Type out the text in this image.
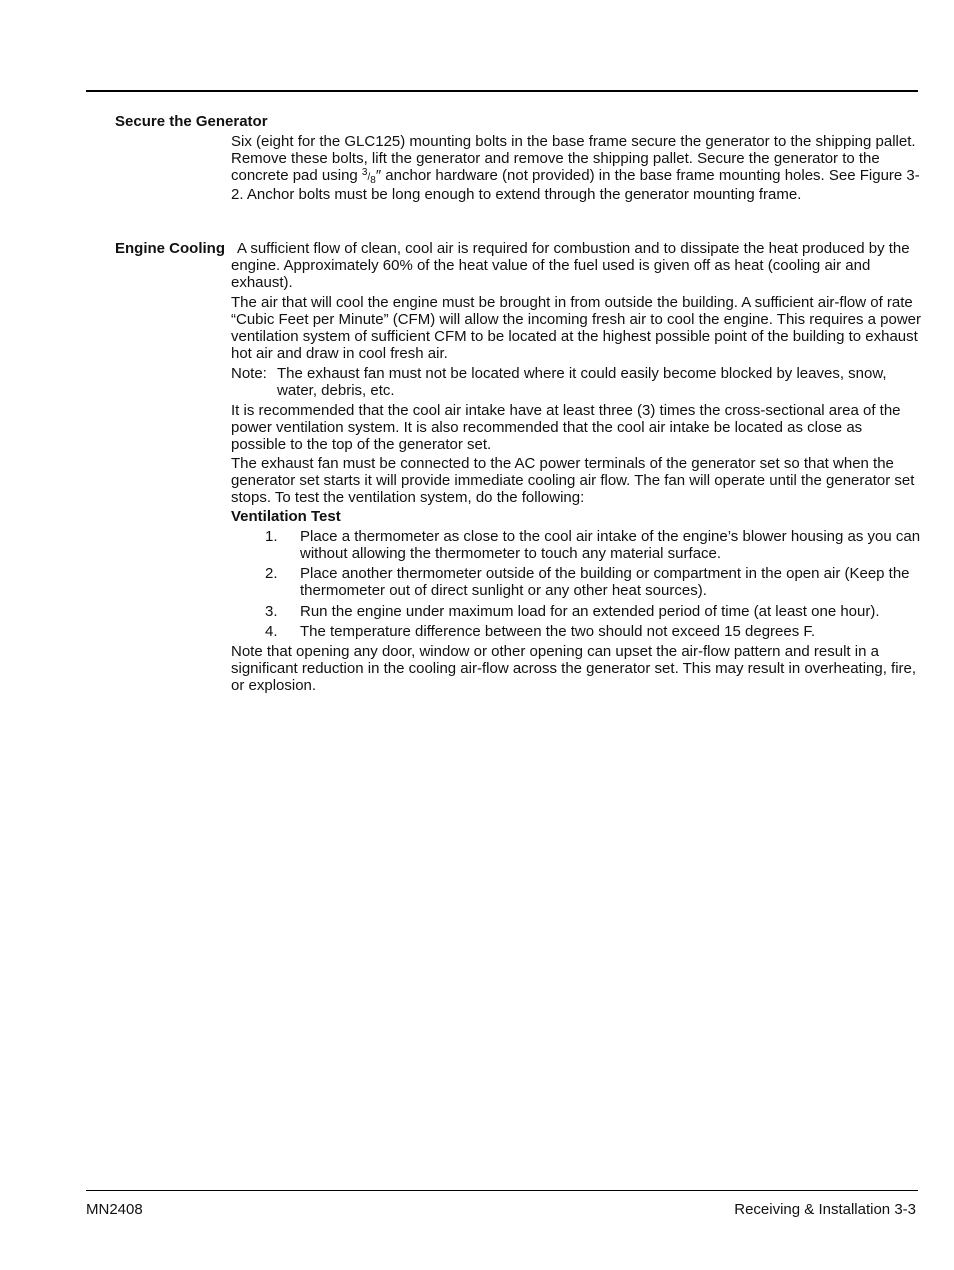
Secure the Generator

Six (eight for the GLC125) mounting bolts in the base frame secure the generator to the shipping pallet. Remove these bolts, lift the generator and remove the shipping pallet. Secure the generator to the concrete pad using $^3/_8''$ anchor hardware (not provided) in the base frame mounting holes. See Figure 3-2. Anchor bolts must be long enough to extend through the generator mounting frame.

Engine Cooling A sufficient flow of clean, cool air is required for combustion and to dissipate the heat produced by the engine. Approximately 60% of the heat value of the fuel used is given off as heat (cooling air and exhaust).

The air that will cool the engine must be brought in from outside the building. A sufficient air-flow of rate “Cubic Feet per Minute” (CFM) will allow the incoming fresh air to cool the engine. This requires a power ventilation system of sufficient CFM to be located at the highest possible point of the building to exhaust hot air and draw in cool fresh air.

Note: The exhaust fan must not be located where it could easily become blocked by leaves, snow, water, debris, etc.

It is recommended that the cool air intake have at least three (3) times the cross-sectional area of the power ventilation system. It is also recommended that the cool air intake be located as close as possible to the top of the generator set.

The exhaust fan must be connected to the AC power terminals of the generator set so that when the generator set starts it will provide immediate cooling air flow. The fan will operate until the generator set stops. To test the ventilation system, do the following:

Ventilation Test
1. Place a thermometer as close to the cool air intake of the engine’s blower housing as you can without allowing the thermometer to touch any material surface.
2. Place another thermometer outside of the building or compartment in the open air (Keep the thermometer out of direct sunlight or any other heat sources).
3. Run the engine under maximum load for an extended period of time (at least one hour).
4. The temperature difference between the two should not exceed 15 degrees F.

Note that opening any door, window or other opening can upset the air-flow pattern and result in a significant reduction in the cooling air-flow across the generator set. This may result in overheating, fire, or explosion.

MN2408	Receiving & Installation 3-3
